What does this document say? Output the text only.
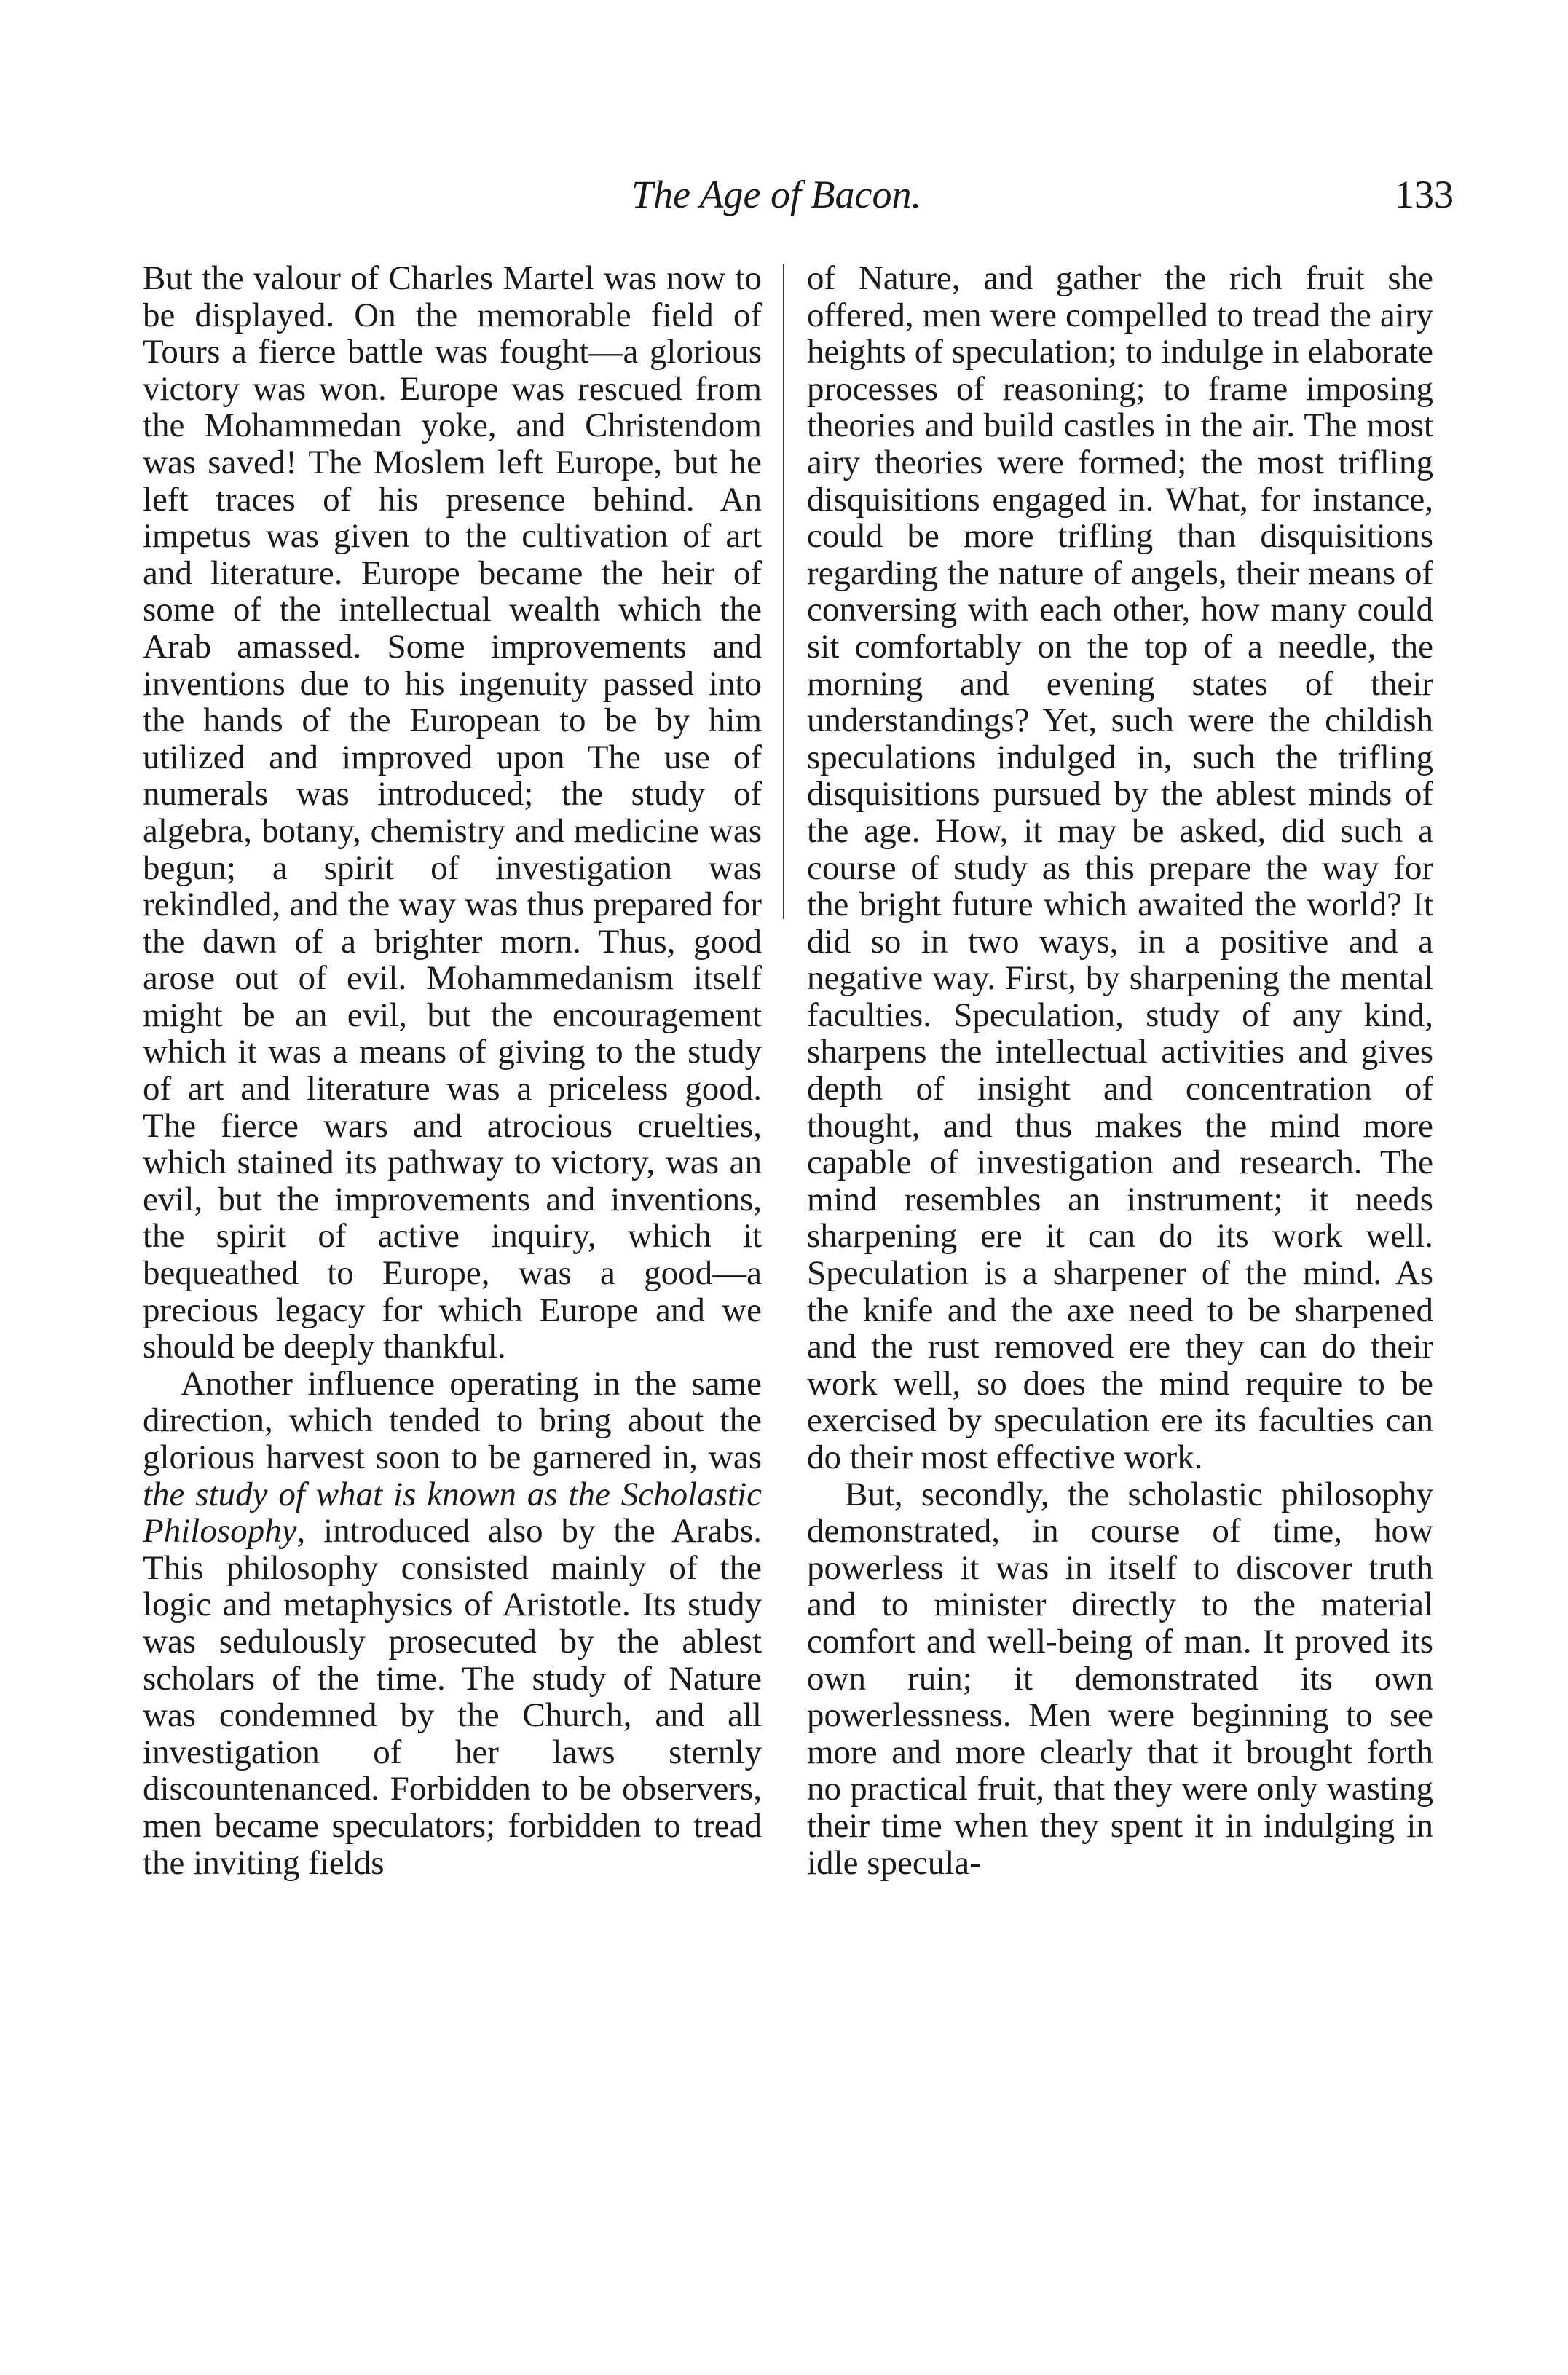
The Age of Bacon.	133

But the valour of Charles Martel was now to be displayed. On the memorable field of Tours a fierce battle was fought—a glorious victory was won. Europe was rescued from the Mohammedan yoke, and Christendom was saved! The Moslem left Europe, but he left traces of his presence behind. An impetus was given to the cultivation of art and literature. Europe became the heir of some of the intellectual wealth which the Arab amassed. Some improvements and inventions due to his ingenuity passed into the hands of the European to be by him utilized and improved upon The use of numerals was introduced; the study of algebra, botany, chemistry and medicine was begun; a spirit of investigation was rekindled, and the way was thus prepared for the dawn of a brighter morn. Thus, good arose out of evil. Mohammedanism itself might be an evil, but the encouragement which it was a means of giving to the study of art and literature was a priceless good. The fierce wars and atrocious cruelties, which stained its pathway to victory, was an evil, but the improvements and inventions, the spirit of active inquiry, which it bequeathed to Europe, was a good—a precious legacy for which Europe and we should be deeply thankful.

Another influence operating in the same direction, which tended to bring about the glorious harvest soon to be garnered in, was the study of what is known as the Scholastic Philosophy, introduced also by the Arabs. This philosophy consisted mainly of the logic and metaphysics of Aristotle. Its study was sedulously prosecuted by the ablest scholars of the time. The study of Nature was condemned by the Church, and all investigation of her laws sternly discountenanced. Forbidden to be observers, men became speculators; forbidden to tread the inviting fields

of Nature, and gather the rich fruit she offered, men were compelled to tread the airy heights of speculation; to indulge in elaborate processes of reasoning; to frame imposing theories and build castles in the air. The most airy theories were formed; the most trifling disquisitions engaged in. What, for instance, could be more trifling than disquisitions regarding the nature of angels, their means of conversing with each other, how many could sit comfortably on the top of a needle, the morning and evening states of their understandings? Yet, such were the childish speculations indulged in, such the trifling disquisitions pursued by the ablest minds of the age. How, it may be asked, did such a course of study as this prepare the way for the bright future which awaited the world? It did so in two ways, in a positive and a negative way. First, by sharpening the mental faculties. Speculation, study of any kind, sharpens the intellectual activities and gives depth of insight and concentration of thought, and thus makes the mind more capable of investigation and research. The mind resembles an instrument; it needs sharpening ere it can do its work well. Speculation is a sharpener of the mind. As the knife and the axe need to be sharpened and the rust removed ere they can do their work well, so does the mind require to be exercised by speculation ere its faculties can do their most effective work.

But, secondly, the scholastic philosophy demonstrated, in course of time, how powerless it was in itself to discover truth and to minister directly to the material comfort and well-being of man. It proved its own ruin; it demonstrated its own powerlessness. Men were beginning to see more and more clearly that it brought forth no practical fruit, that they were only wasting their time when they spent it in indulging in idle specula-
